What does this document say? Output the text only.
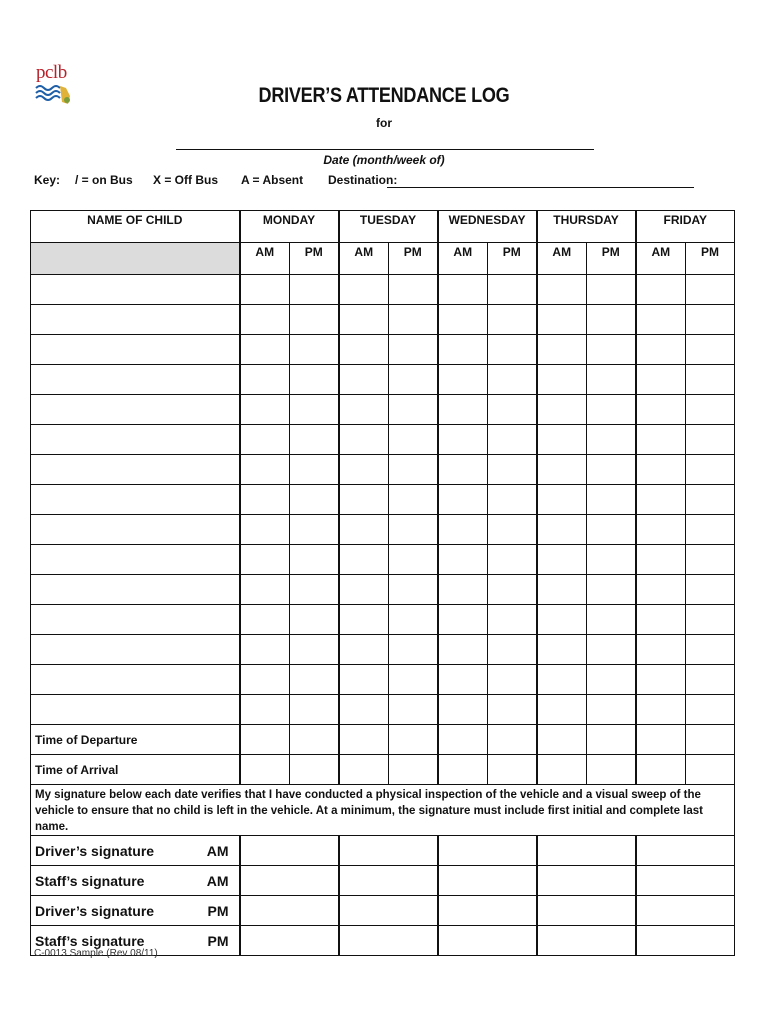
pclb
DRIVER’S ATTENDANCE LOG
for
Date (month/week of)
Key: / = on Bus X = Off Bus A = Absent Destination:
NAME OF CHILD	MONDAY		TUESDAY		WEDNESDAY		THURSDAY		FRIDAY	
	AM	PM	AM	PM	AM	PM	AM	PM	AM	PM

Time of Departure										
Time of Arrival										
My signature below each date verifies that I have conducted a physical inspection of the vehicle and a visual sweep of the vehicle to ensure that no child is left in the vehicle. At a minimum, the signature must include first initial and complete last name.										

Driver’s signature AM										

Staff’s signature AM										

Driver’s signature PM										

Staff’s signature PM										

C-0013 Sample (Rev 08/11)
